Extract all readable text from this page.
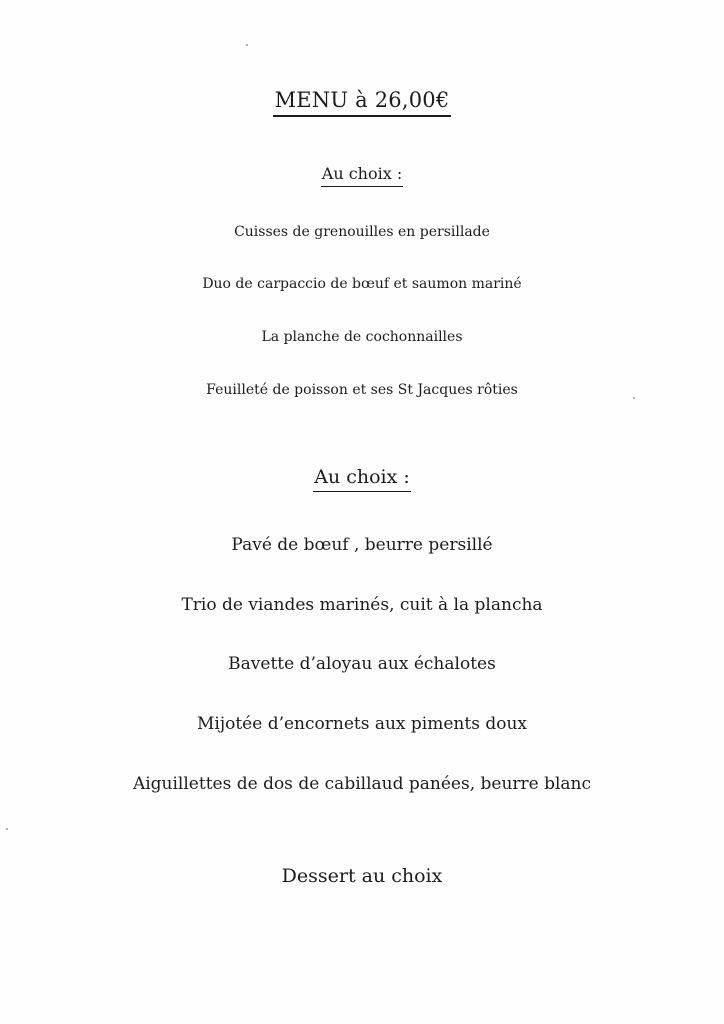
MENU à 26,00€
Au choix :
Cuisses de grenouilles en persillade
Duo de carpaccio de bœuf et saumon mariné
La planche de cochonnailles
Feuilleté de poisson et ses St Jacques rôties
Au choix :
Pavé de bœuf , beurre persillé
Trio de viandes marinés, cuit à la plancha
Bavette d’aloyau aux échalotes
Mijotée d’encornets aux piments doux
Aiguillettes de dos de cabillaud panées, beurre blanc
Dessert au choix
